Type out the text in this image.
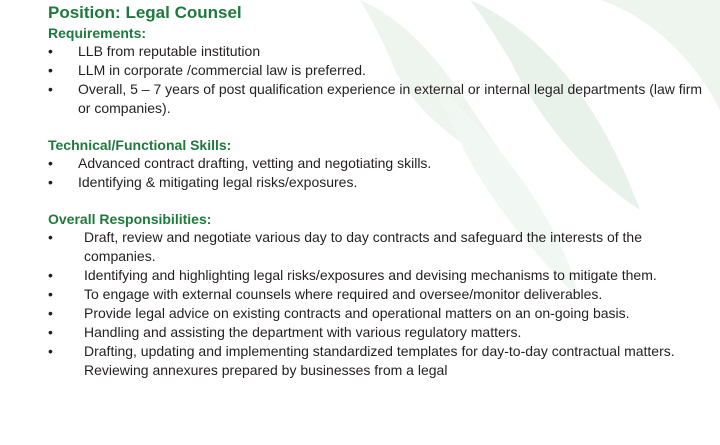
Position: Legal Counsel
Requirements:
• LLB from reputable institution
• LLM in corporate /commercial law is preferred.
• Overall, 5 – 7 years of post qualification experience in external or internal legal departments (law firm or companies).
Technical/Functional Skills:
• Advanced contract drafting, vetting and negotiating skills.
• Identifying & mitigating legal risks/exposures.
Overall Responsibilities:
• Draft, review and negotiate various day to day contracts and safeguard the interests of the companies.
• Identifying and highlighting legal risks/exposures and devising mechanisms to mitigate them.
• To engage with external counsels where required and oversee/monitor deliverables.
• Provide legal advice on existing contracts and operational matters on an on-going basis.
• Handling and assisting the department with various regulatory matters.
• Drafting, updating and implementing standardized templates for day-to-day contractual matters. Reviewing annexures prepared by businesses from a legal
